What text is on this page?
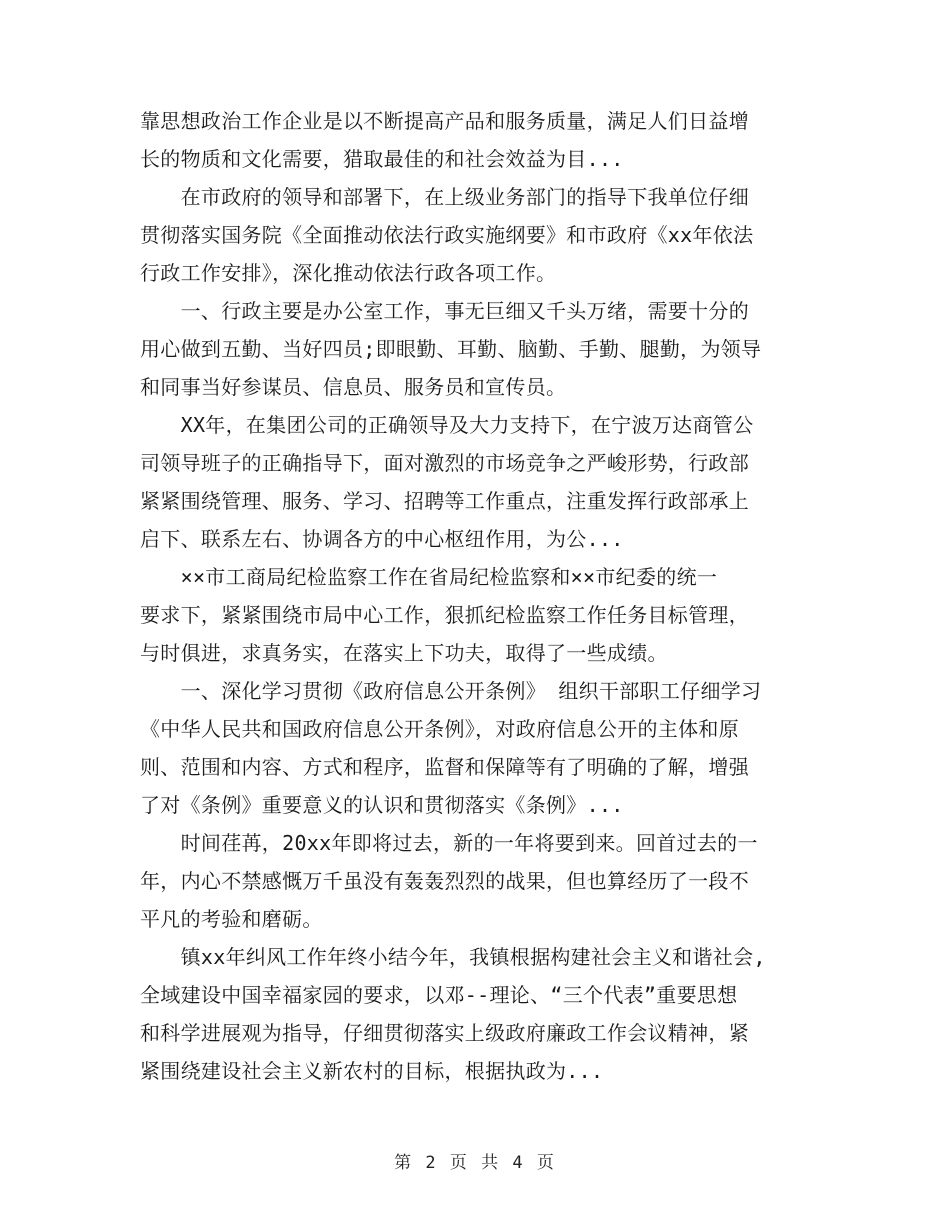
靠思想政治工作企业是以不断提高产品和服务质量，满足人们日益增
长的物质和文化需要，猎取最佳的和社会效益为目...
　　在市政府的领导和部署下，在上级业务部门的指导下我单位仔细
贯彻落实国务院《全面推动依法行政实施纲要》和市政府《xx年依法
行政工作安排》，深化推动依法行政各项工作。
　　一、行政主要是办公室工作，事无巨细又千头万绪，需要十分的
用心做到五勤、当好四员;即眼勤、耳勤、脑勤、手勤、腿勤，为领导
和同事当好参谋员、信息员、服务员和宣传员。
　　XX年，在集团公司的正确领导及大力支持下，在宁波万达商管公
司领导班子的正确指导下，面对激烈的市场竞争之严峻形势，行政部
紧紧围绕管理、服务、学习、招聘等工作重点，注重发挥行政部承上
启下、联系左右、协调各方的中心枢纽作用，为公...
　　××市工商局纪检监察工作在省局纪检监察和××市纪委的统一
要求下，紧紧围绕市局中心工作，狠抓纪检监察工作任务目标管理，
与时俱进，求真务实，在落实上下功夫，取得了一些成绩。
　　一、深化学习贯彻《政府信息公开条例》 组织干部职工仔细学习
《中华人民共和国政府信息公开条例》，对政府信息公开的主体和原
则、范围和内容、方式和程序，监督和保障等有了明确的了解，增强
了对《条例》重要意义的认识和贯彻落实《条例》...
　　时间荏苒，20xx年即将过去，新的一年将要到来。回首过去的一
年，内心不禁感慨万千虽没有轰轰烈烈的战果，但也算经历了一段不
平凡的考验和磨砺。
　　镇xx年纠风工作年终小结今年，我镇根据构建社会主义和谐社会,
全域建设中国幸福家园的要求，以邓--理论、“三个代表”重要思想
和科学进展观为指导，仔细贯彻落实上级政府廉政工作会议精神，紧
紧围绕建设社会主义新农村的目标，根据执政为...
第 2 页 共 4 页
